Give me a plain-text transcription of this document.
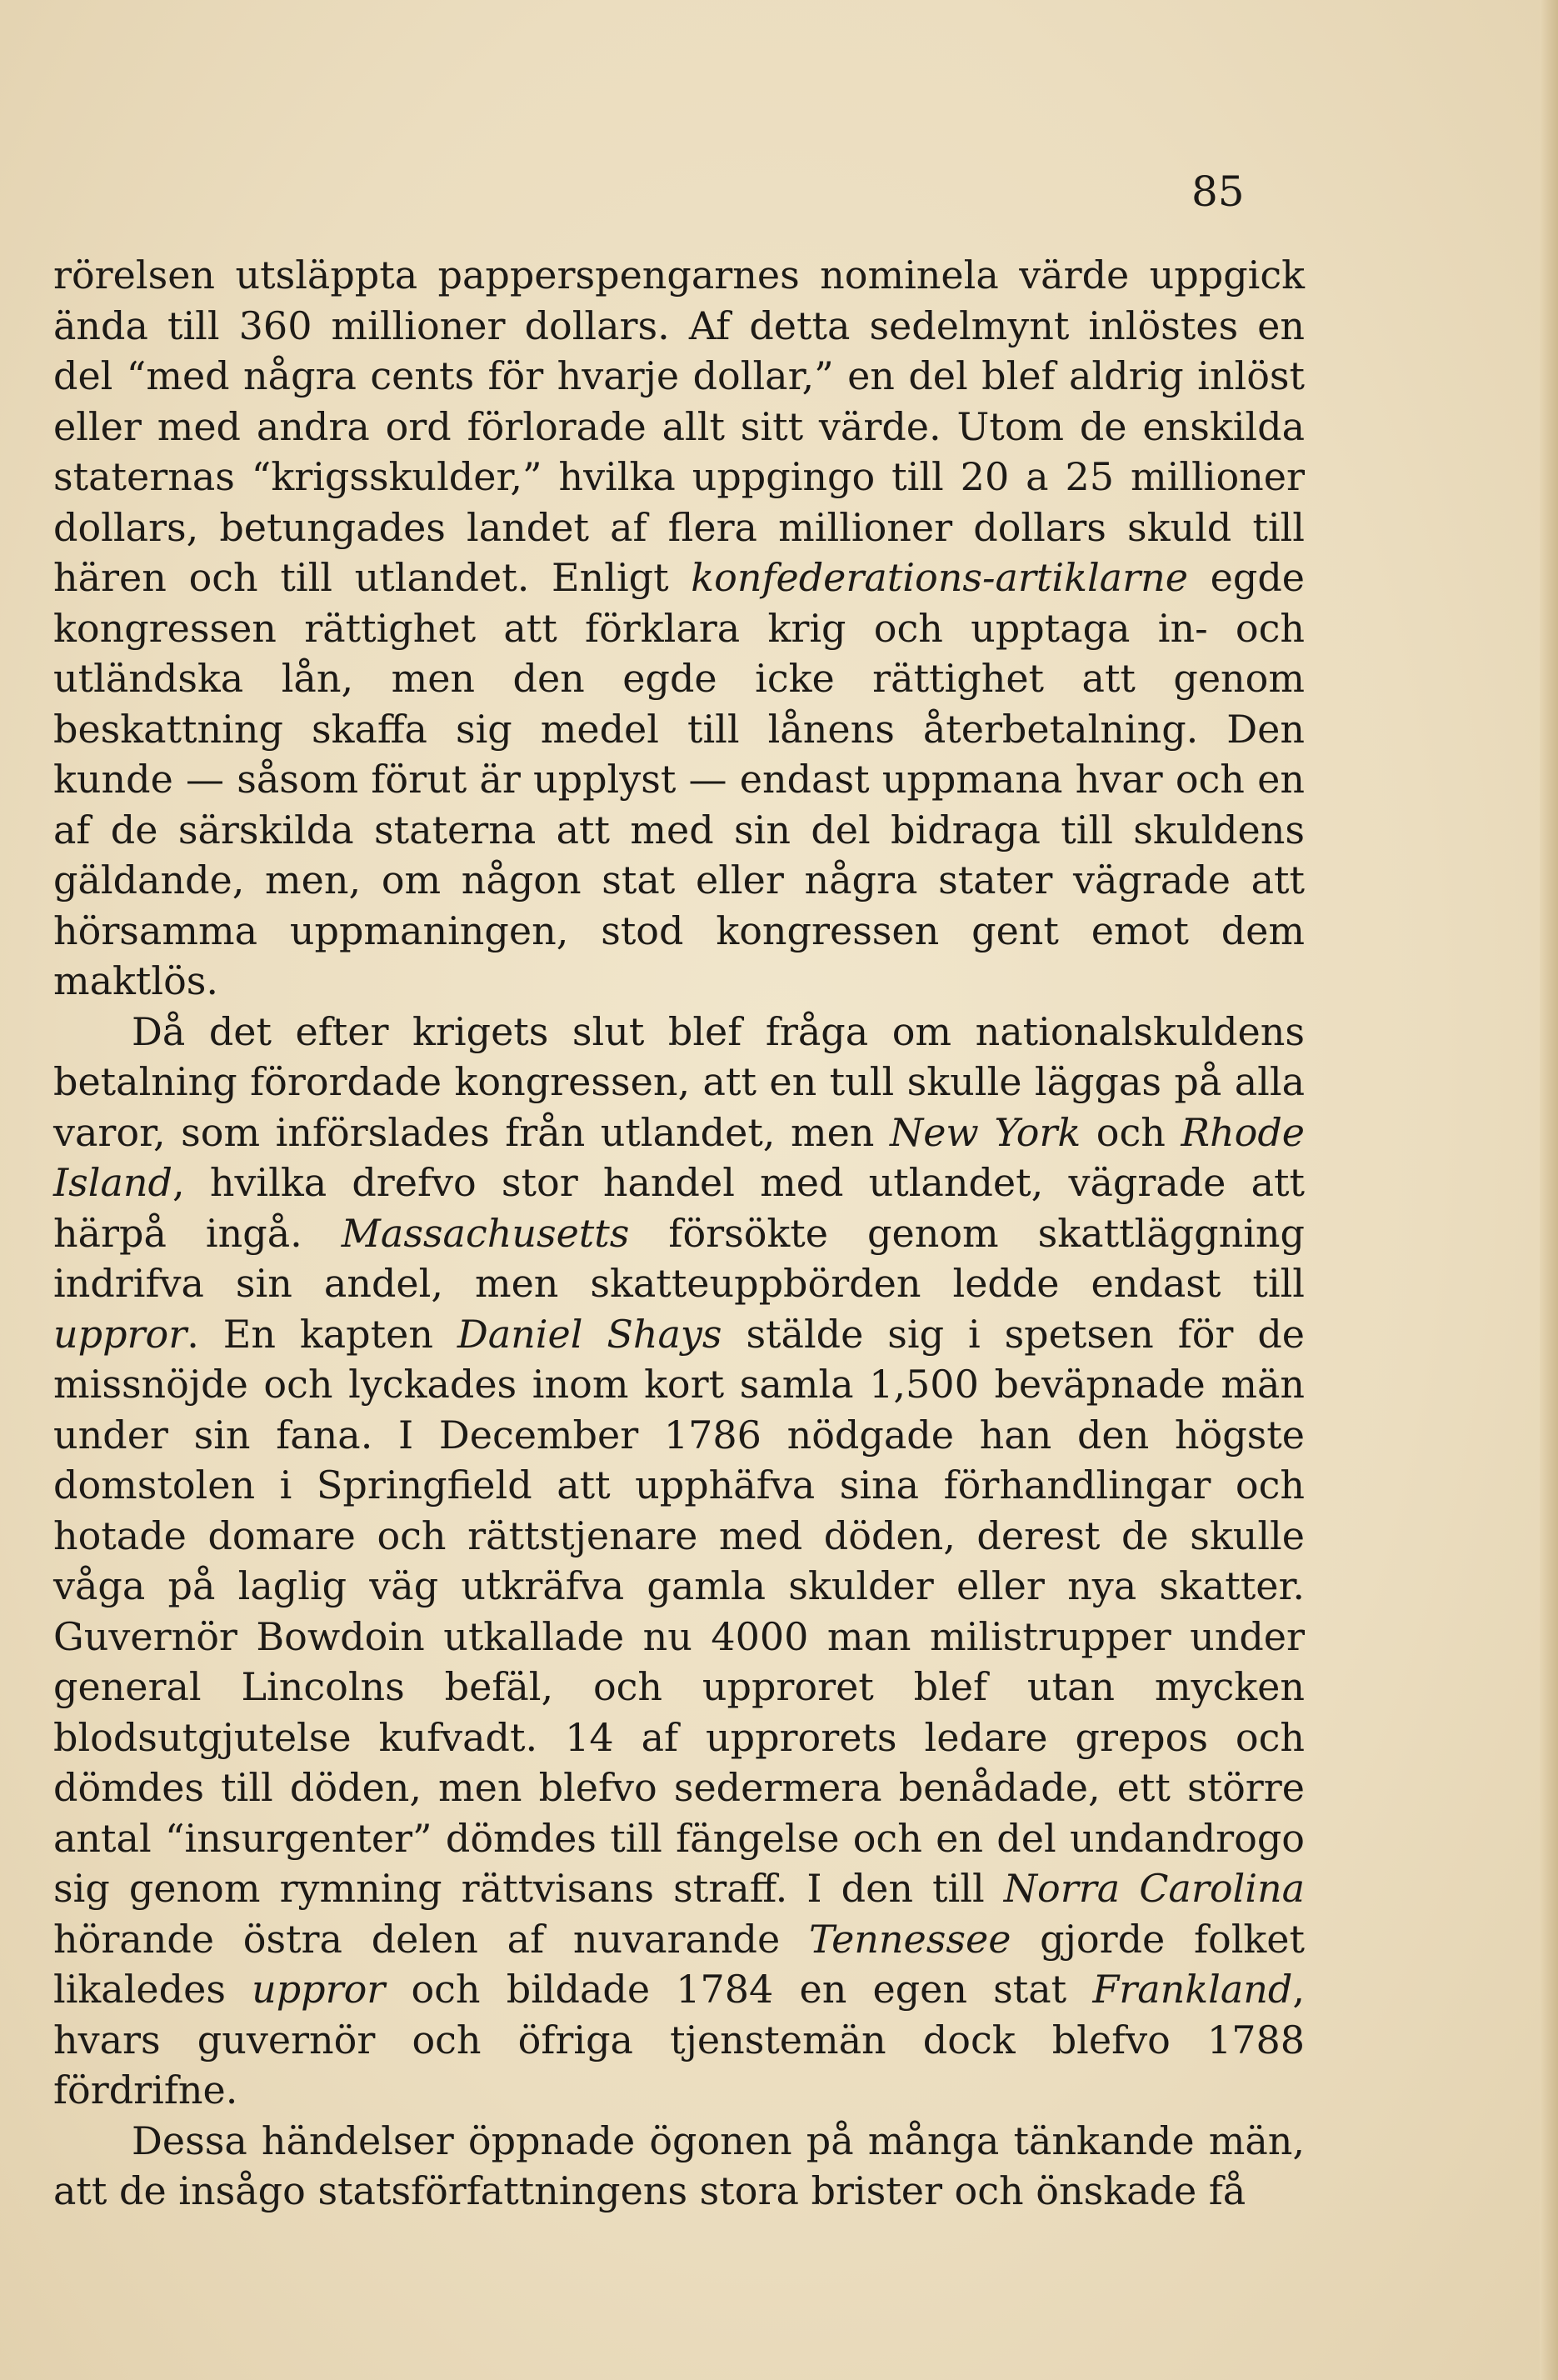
85

rörelsen utsläppta papperspengarnes nominela värde uppgick ända till 360 millioner dollars. Af detta sedelmynt inlöstes en del “med några cents för hvarje dollar,” en del blef aldrig inlöst eller med andra ord förlorade allt sitt värde. Utom de enskilda staternas “krigsskulder,” hvilka uppgingo till 20 a 25 millioner dollars, betungades landet af flera millioner dollars skuld till hären och till utlandet. Enligt konfederations-artiklarne egde kongressen rättighet att förklara krig och upptaga in- och utländska lån, men den egde icke rättighet att genom beskattning skaffa sig medel till lånens återbetalning. Den kunde — såsom förut är upplyst — endast uppmana hvar och en af de särskilda staterna att med sin del bidraga till skuldens gäldande, men, om någon stat eller några stater vägrade att hörsamma uppmaningen, stod kongressen gent emot dem maktlös.

Då det efter krigets slut blef fråga om nationalskuldens betalning förordade kongressen, att en tull skulle läggas på alla varor, som införslades från utlandet, men New York och Rhode Island, hvilka drefvo stor handel med utlandet, vägrade att härpå ingå. Massachusetts försökte genom skattläggning indrifva sin andel, men skatteuppbörden ledde endast till uppror. En kapten Daniel Shays stälde sig i spetsen för de missnöjde och lyckades inom kort samla 1,500 beväpnade män under sin fana. I December 1786 nödgade han den högste domstolen i Springfield att upphäfva sina förhandlingar och hotade domare och rättstjenare med döden, derest de skulle våga på laglig väg utkräfva gamla skulder eller nya skatter. Guvernör Bowdoin utkallade nu 4000 man milistrupper under general Lincolns befäl, och upproret blef utan mycken blodsutgjutelse kufvadt. 14 af upprorets ledare grepos och dömdes till döden, men blefvo sedermera benådade, ett större antal “insurgenter” dömdes till fängelse och en del undandrogo sig genom rymning rättvisans straff. I den till Norra Carolina hörande östra delen af nuvarande Tennessee gjorde folket likaledes uppror och bildade 1784 en egen stat Frankland, hvars guvernör och öfriga tjenstemän dock blefvo 1788 fördrifne.

Dessa händelser öppnade ögonen på många tänkande män, att de insågo statsförfattningens stora brister och önskade få
